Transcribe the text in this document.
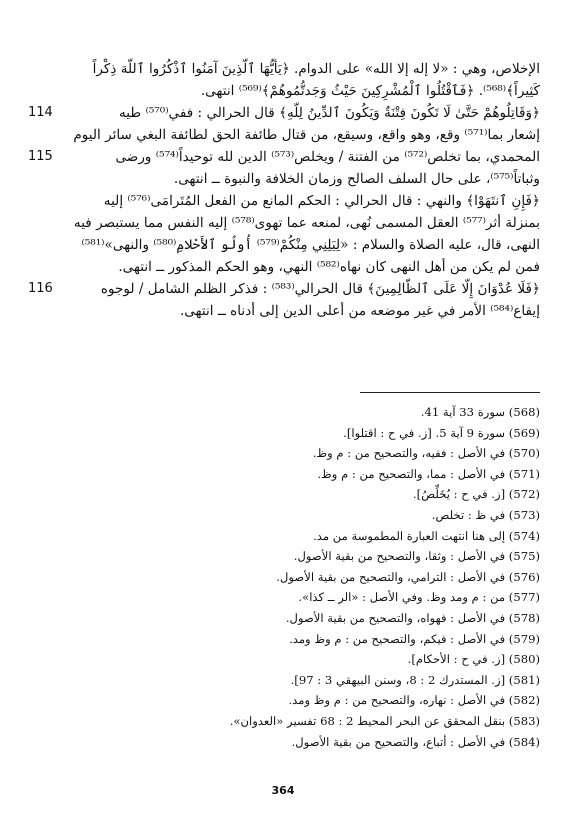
الإخلاص، وهي : «لا إله إلا الله» على الدوام. ﴿يَأَيُّهَا ٱلَّذِينَ آمَنُوا ٱذْكُرُوا ٱللَّهَ ذِكْراً
كَثِيراً﴾⁽⁵⁶⁸⁾. ﴿فَٱقْتُلُوا ٱلْمُشْرِكِينَ حَيْثُ وَجَدتُّمُوهُمْ﴾⁽⁵⁶⁹⁾ انتهى.
114	﴿وَقَاتِلُوهُمْ حَتَّىٰ لَا تَكُونَ فِتْنَةٌ وَيَكُونَ ٱلدِّينُ لِلَّهِ﴾ قال الحرالي : ففي⁽⁵⁷⁰⁾ طيه
إشعار بما⁽⁵⁷¹⁾ وقع، وهو واقع، وسيقع، من قتال طائفة الحق لطائفة البغي سائر اليوم
115	المحمدي، بما تخلص⁽⁵⁷²⁾ من الفتنة / ويخلص⁽⁵⁷³⁾ الدين لله توحيداً⁽⁵⁷⁴⁾ ورضى
وثباتاً⁽⁵⁷⁵⁾، على حال السلف الصالح وزمان الخلافة والنبوة ــ انتهى.
﴿فَإِنِ ٱنتَهَوْا﴾ والنهي : قال الحرالي : الحكم المانع من الفعل المُتَرامَى⁽⁵⁷⁶⁾ إليه
بمنزلة أثر⁽⁵⁷⁷⁾ العقل المسمى نُهى، لمنعه عما تهوى⁽⁵⁷⁸⁾ إليه النفس مما يستبصر فيه
النهى، قال، عليه الصلاة والسلام : «لِيَلِنِي مِنْكُمْ⁽⁵⁷⁹⁾ أُولُو ٱلأَحْلامِ⁽⁵⁸⁰⁾ والنهى»⁽⁵⁸¹⁾
فمن لم يكن من أهل النهى كان نهاه⁽⁵⁸²⁾ النهي، وهو الحكم المذكور ــ انتهى.
116	﴿فَلَا عُدْوَانَ إِلَّا عَلَى ٱلظَّالِمِينَ﴾ قال الحرالي⁽⁵⁸³⁾ : فذكر الظلم الشامل / لوجوه
إيقاع⁽⁵⁸⁴⁾ الأمر في غير موضعه من أعلى الدين إلى أدناه ــ انتهى.
(568) سورة 33 آية 41.
(569) سورة 9 آية 5. [ز. في ح : اقتلوا].
(570) في الأصل : ففيه، والتصحيح من : م وظ.
(571) في الأصل : مما، والتصحيح من : م وظ.
(572) [ز. في ح : يُخَلِّصُ].
(573) في ظ : تخلص.
(574) إلى هنا انتهت العبارة المطموسة من مد.
(575) في الأصل : وثقا، والتصحيح من بقية الأصول.
(576) في الأصل : الترامي، والتصحيح من بقية الأصول.
(577) من : م ومد وظ. وفي الأصل : «الر ــ كذا».
(578) في الأصل : فهواه، والتصحيح من بقية الأصول.
(579) في الأصل : فيكم، والتصحيح من : م وظ ومد.
(580) [ز. في ح : الأحكام].
(581) [ز. المستدرك 2 : 8، وسنن البيهقي 3 : 97].
(582) في الأصل : نهاره، والتصحيح من : م وظ ومد.
(583) بنقل المحقق عن البحر المحيط 2 : 68 تفسير «العدوان».
(584) في الأصل : أتباع، والتصحيح من بقية الأصول.
364
